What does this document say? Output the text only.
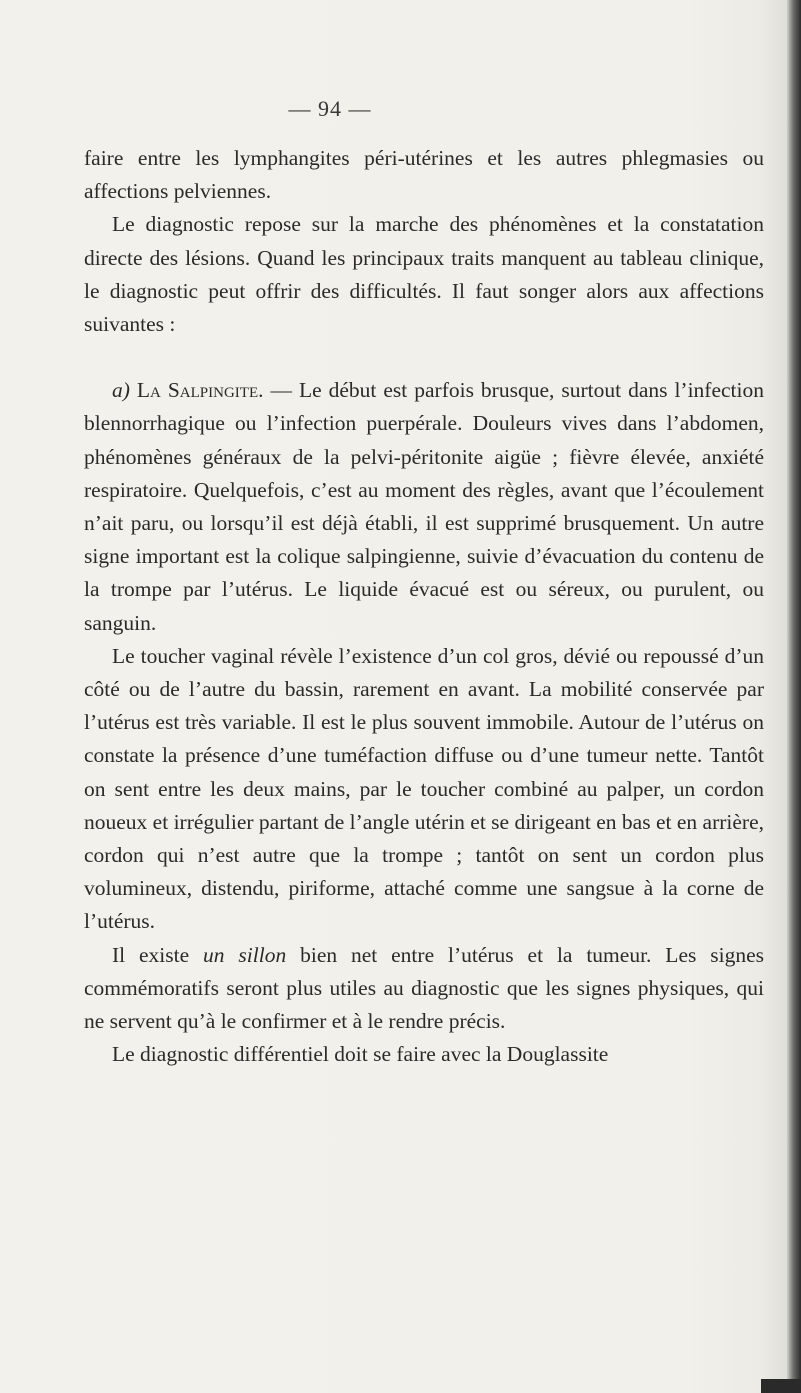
— 94 —

faire entre les lymphangites péri-utérines et les autres phlegmasies ou affections pelviennes.

Le diagnostic repose sur la marche des phénomènes et la constatation directe des lésions. Quand les principaux traits manquent au tableau clinique, le diagnostic peut offrir des difficultés. Il faut songer alors aux affections suivantes :

a) La Salpingite. — Le début est parfois brusque, surtout dans l’infection blennorrhagique ou l’infection puerpérale. Douleurs vives dans l’abdomen, phénomènes généraux de la pelvi-péritonite aigüe ; fièvre élevée, anxiété respiratoire. Quelquefois, c’est au moment des règles, avant que l’écoulement n’ait paru, ou lorsqu’il est déjà établi, il est supprimé brusquement. Un autre signe important est la colique salpingienne, suivie d’évacuation du contenu de la trompe par l’utérus. Le liquide évacué est ou séreux, ou purulent, ou sanguin.

Le toucher vaginal révèle l’existence d’un col gros, dévié ou repoussé d’un côté ou de l’autre du bassin, rarement en avant. La mobilité conservée par l’utérus est très variable. Il est le plus souvent immobile. Autour de l’utérus on constate la présence d’une tuméfaction diffuse ou d’une tumeur nette. Tantôt on sent entre les deux mains, par le toucher combiné au palper, un cordon noueux et irrégulier partant de l’angle utérin et se dirigeant en bas et en arrière, cordon qui n’est autre que la trompe ; tantôt on sent un cordon plus volumineux, distendu, piriforme, attaché comme une sangsue à la corne de l’utérus.

Il existe un sillon bien net entre l’utérus et la tumeur. Les signes commémoratifs seront plus utiles au diagnostic que les signes physiques, qui ne servent qu’à le confirmer et à le rendre précis.

Le diagnostic différentiel doit se faire avec la Douglassite
